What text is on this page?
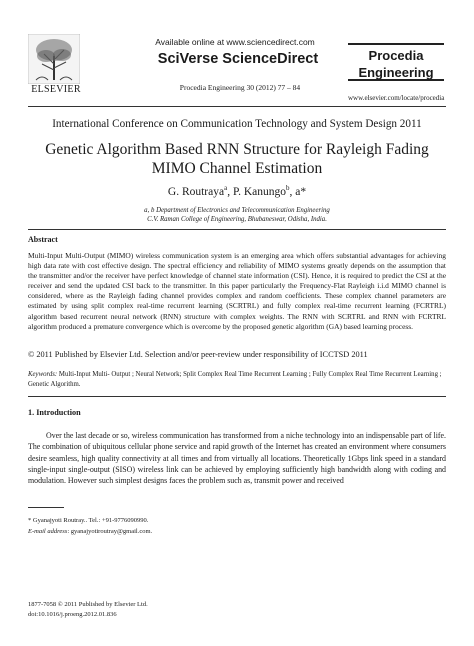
ELSEVIER
Available online at www.sciencedirect.com
SciVerse ScienceDirect
Procedia Engineering 30 (2012) 77 – 84
Procedia
Engineering
www.elsevier.com/locate/procedia
International Conference on Communication Technology and System Design 2011
Genetic Algorithm Based RNN Structure for Rayleigh Fading
MIMO Channel Estimation
G. Routraya$^a$, P. Kanungo$^b$, a*
a, b Department of Electronics and Telecommunication Engineering
C.V. Raman College of Engineering, Bhubaneswar, Odisha, India.
Abstract
Multi-Input Multi-Output (MIMO) wireless communication system is an emerging area which offers substantial advantages for achieving high data rate with cost effective design. The spectral efficiency and reliability of MIMO systems greatly depends on the assumption that the transmitter and/or the receiver have perfect knowledge of channel state information (CSI). Hence, it is required to predict the CSI at the receiver and send the updated CSI back to the transmitter. In this paper particularly the Frequency-Flat Rayleigh i.i.d MIMO channel is considered, where as the Rayleigh fading channel provides complex and random coefficients. These complex channel parameters are estimated by using split complex real-time recurrent learning (SCRTRL) and fully complex real-time recurrent learning (FCRTRL) algorithm based recurrent neural network (RNN) structure with complex weights. The RNN with SCRTRL and RNN with FCRTRL algorithm produced a premature convergence which is overcome by the proposed genetic algorithm (GA) based learning process.
© 2011 Published by Elsevier Ltd. Selection and/or peer-review under responsibility of ICCTSD 2011
Keywords: Multi-Input Multi- Output ; Neural Network; Split Complex Real Time Recurrent Learning ; Fully Complex Real Time Recurrent Learning ; Genetic Algorithm.
1. Introduction
Over the last decade or so, wireless communication has transformed from a niche technology into an indispensable part of life. The combination of ubiquitous cellular phone service and rapid growth of the Internet has created an environment where consumers desire seamless, high quality connectivity at all times and from virtually all locations. Theoretically 1Gbps link speed in a standard single-input single-output (SISO) wireless link can be achieved by employing sufficiently high bandwidth along with coding and modulation. However such simplest designs faces the problem such as, transmit power and received
* Gyanajyoti Routray.. Tel.: +91-9776090990.
E-mail address: gyanajyotiroutray@gmail.com.
1877-7058 © 2011 Published by Elsevier Ltd.
doi:10.1016/j.proeng.2012.01.836
